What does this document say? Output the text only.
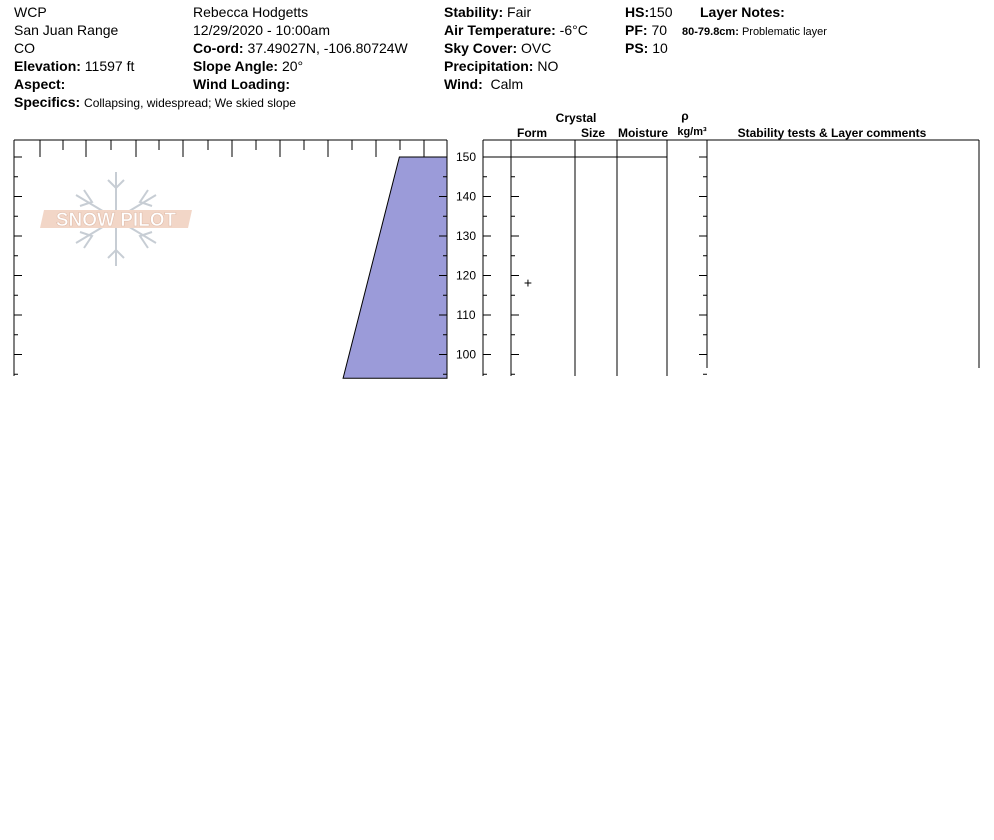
WCP
San Juan Range
CO
Elevation: 11597 ft
Aspect:
Specifics: Collapsing, widespread; We skied slope
Rebecca Hodgetts
12/29/2020 - 10:00am
Co-ord: 37.49027N, -106.80724W
Slope Angle: 20°
Wind Loading:
Stability: Fair
Air Temperature: -6°C
Sky Cover: OVC
Precipitation: NO
Wind: Calm
HS:150
PF: 70
PS: 10
Layer Notes:
80-79.8cm: Problematic layer
SNOW PILOT
150
140
130
120
110
100
Crystal
Form	Size Moisture
ρ
kg/m³	Stability tests & Layer comments
+
